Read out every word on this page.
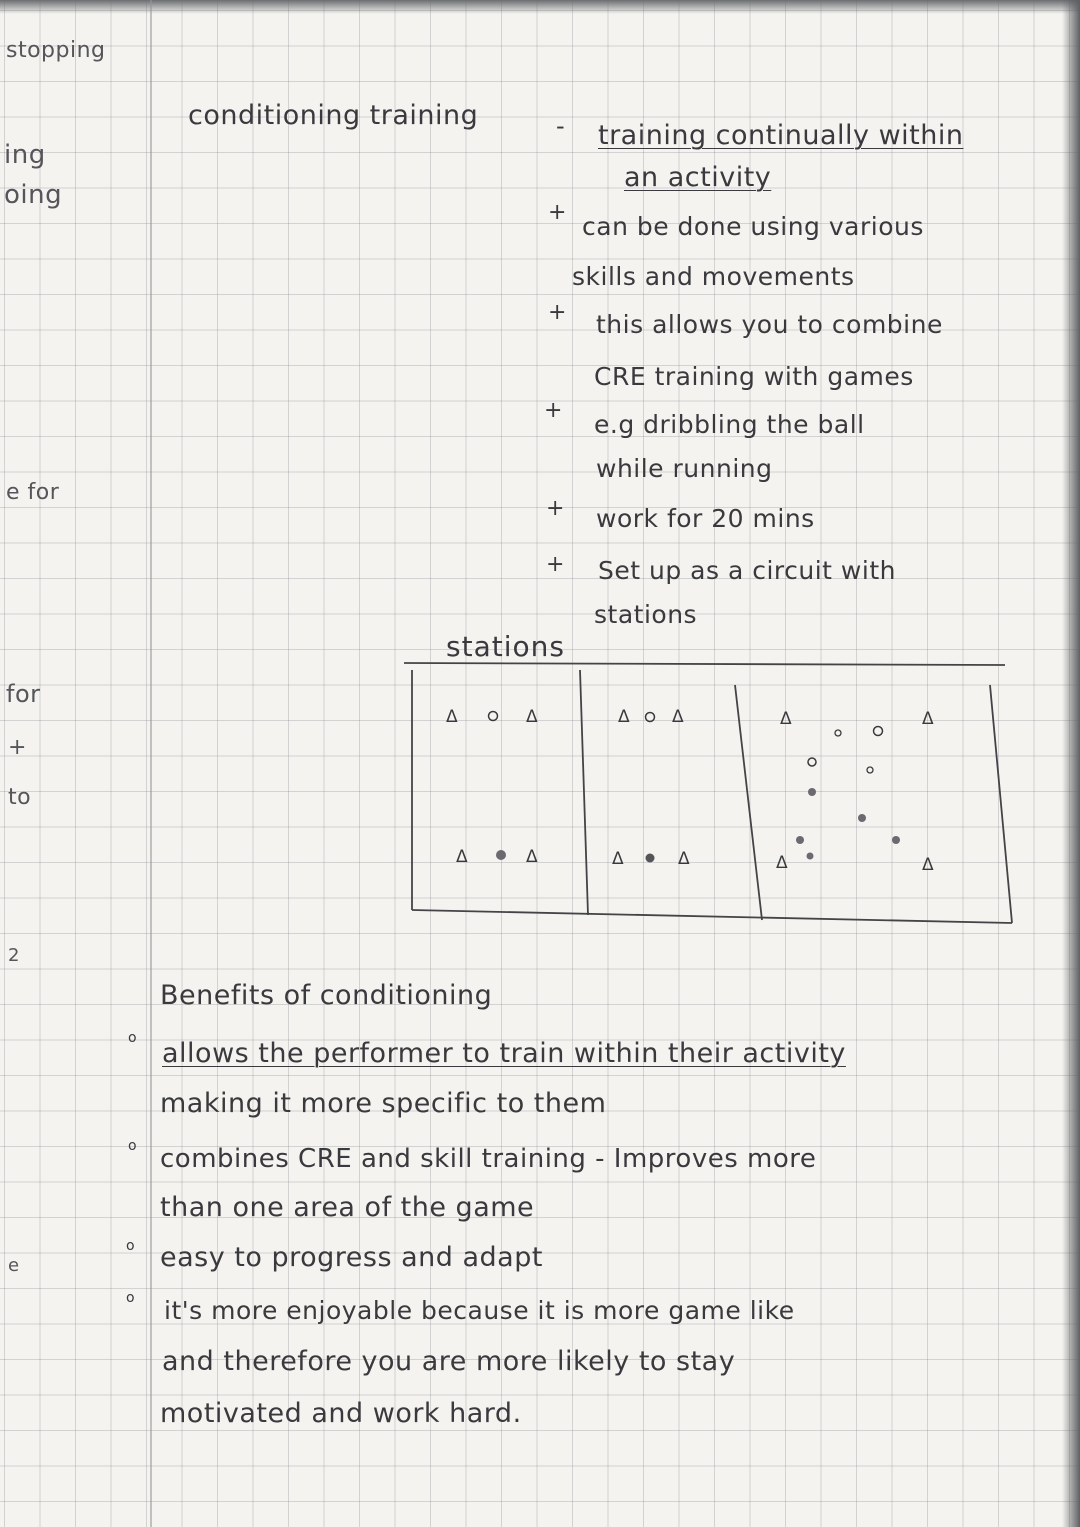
stopping
ing
oing
e for
for
+
to
2
e
conditioning training	- training continually within
an activity
+ can be done using various
skills and movements
+ this allows you to combine
CRE training with games
+ e.g dribbling the ball
while running
+ work for 20 mins
+ Set up as a circuit with
stations
stations
Δ	Δ
Δ	Δ
Δ Δ
Δ	Δ
Δ	Δ
Δ	Δ
Benefits of conditioning
o allows the performer to train within their activity
making it more specific to them
o combines CRE and skill training - Improves more
than one area of the game
o easy to progress and adapt
o it's more enjoyable because it is more game like
and therefore you are more likely to stay
motivated and work hard.
